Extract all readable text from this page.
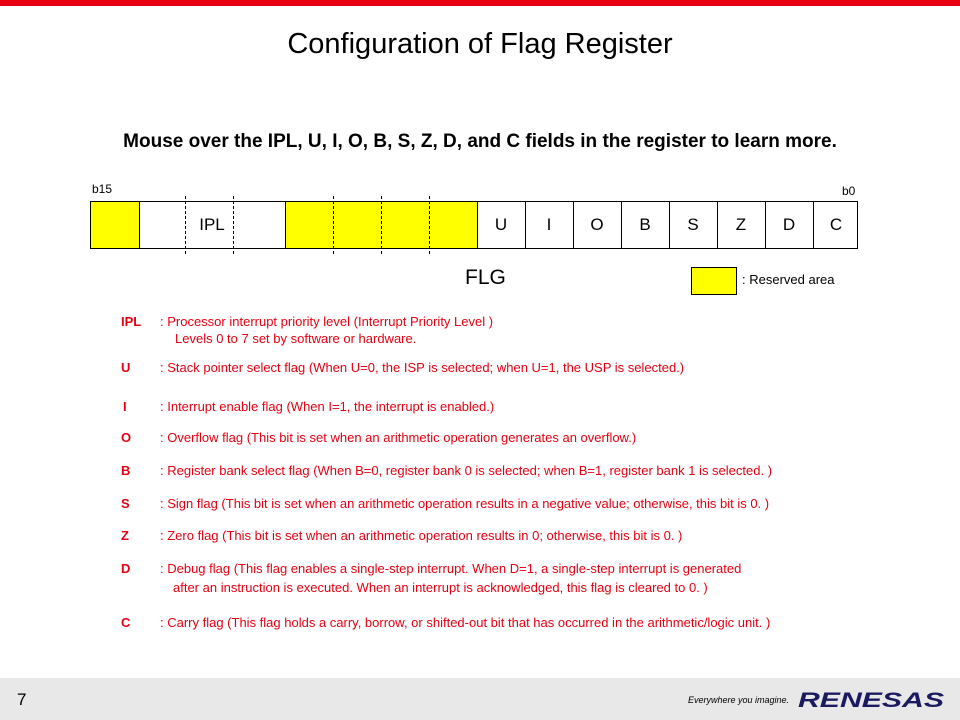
Configuration of Flag Register
Mouse over the IPL, U, I, O, B, S, Z, D, and C fields in the register to learn more.
b15	b0
IPL	U	I	O	B	S	Z	D	C
FLG	: Reserved area
IPL : Processor interrupt priority level (Interrupt Priority Level )
Levels 0 to 7 set by software or hardware.
U : Stack pointer select flag (When U=0, the ISP is selected; when U=1, the USP is selected.)
I	: Interrupt enable flag (When I=1, the interrupt is enabled.)
O : Overflow flag (This bit is set when an arithmetic operation generates an overflow.)
B : Register bank select flag (When B=0, register bank 0 is selected; when B=1, register bank 1 is selected. )
S : Sign flag (This bit is set when an arithmetic operation results in a negative value; otherwise, this bit is 0. )
Z : Zero flag (This bit is set when an arithmetic operation results in 0; otherwise, this bit is 0. )
D : Debug flag (This flag enables a single-step interrupt. When D=1, a single-step interrupt is generated
after an instruction is executed. When an interrupt is acknowledged, this flag is cleared to 0. )
C : Carry flag (This flag holds a carry, borrow, or shifted-out bit that has occurred in the arithmetic/logic unit. )
7	Everywhere you imagine. RENESAS
